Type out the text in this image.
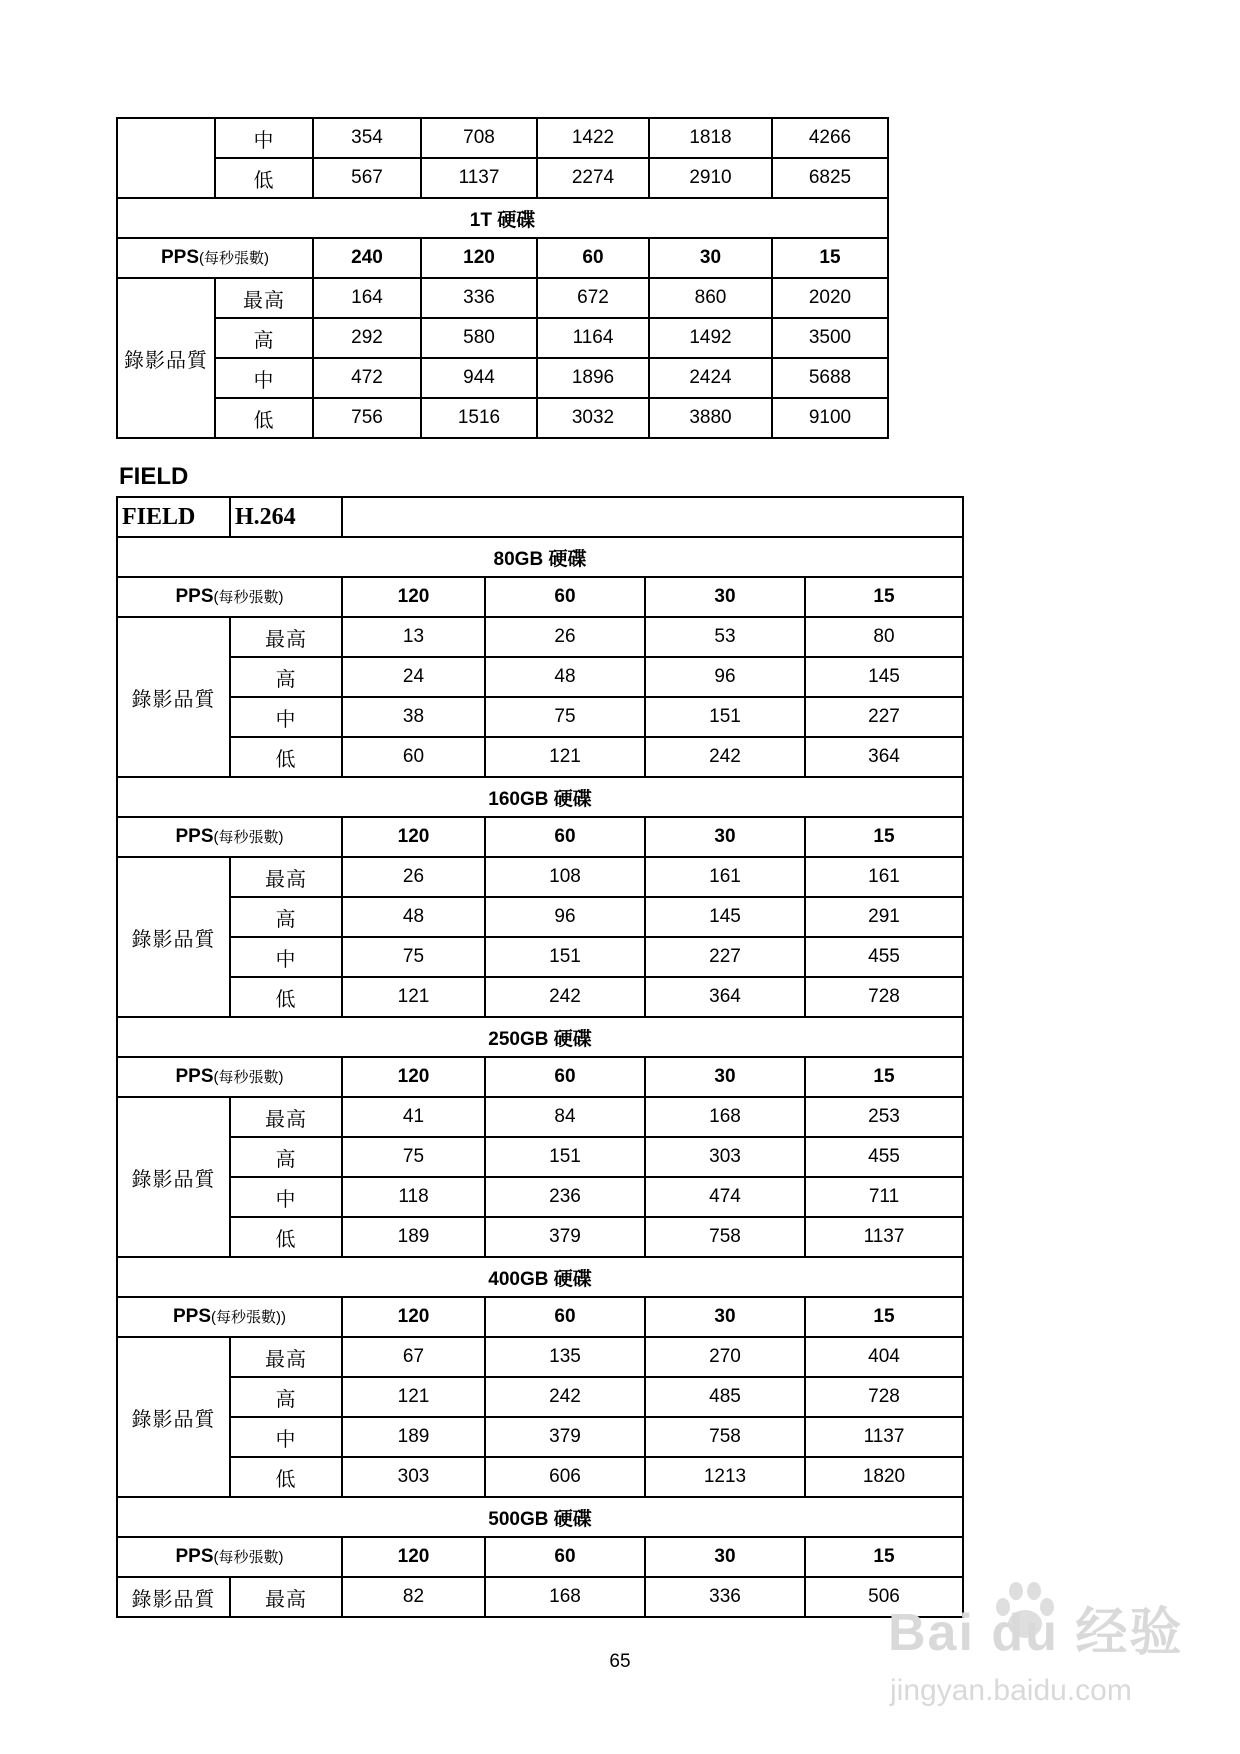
	中	354	708	1422	1818	4266
	低	567	1137	2274	2910	6825
1T 硬碟						
PPS(每秒張數)		240	120	60	30	15
錄影品質	最高	164	336	672	860	2020
	高	292	580	1164	1492	3500
	中	472	944	1896	2424	5688
	低	756	1516	3032	3880	9100
FIELD
FIELD	H.264				
80GB 硬碟					
PPS(每秒張數)		120	60	30	15
錄影品質	最高	13	26	53	80
	高	24	48	96	145
	中	38	75	151	227
	低	60	121	242	364
160GB 硬碟					
PPS(每秒張數)		120	60	30	15
錄影品質	最高	26	108	161	161
	高	48	96	145	291
	中	75	151	227	455
	低	121	242	364	728
250GB 硬碟					
PPS(每秒張數)		120	60	30	15
錄影品質	最高	41	84	168	253
	高	75	151	303	455
	中	118	236	474	711
	低	189	379	758	1137
400GB 硬碟					
PPS(每秒張數))		120	60	30	15
錄影品質	最高	67	135	270	404
	高	121	242	485	728
	中	189	379	758	1137
	低	303	606	1213	1820
500GB 硬碟					
PPS(每秒張數)		120	60	30	15
錄影品質	最高	82	168	336	506
65	Bai du 经验
jingyan.baidu.com
